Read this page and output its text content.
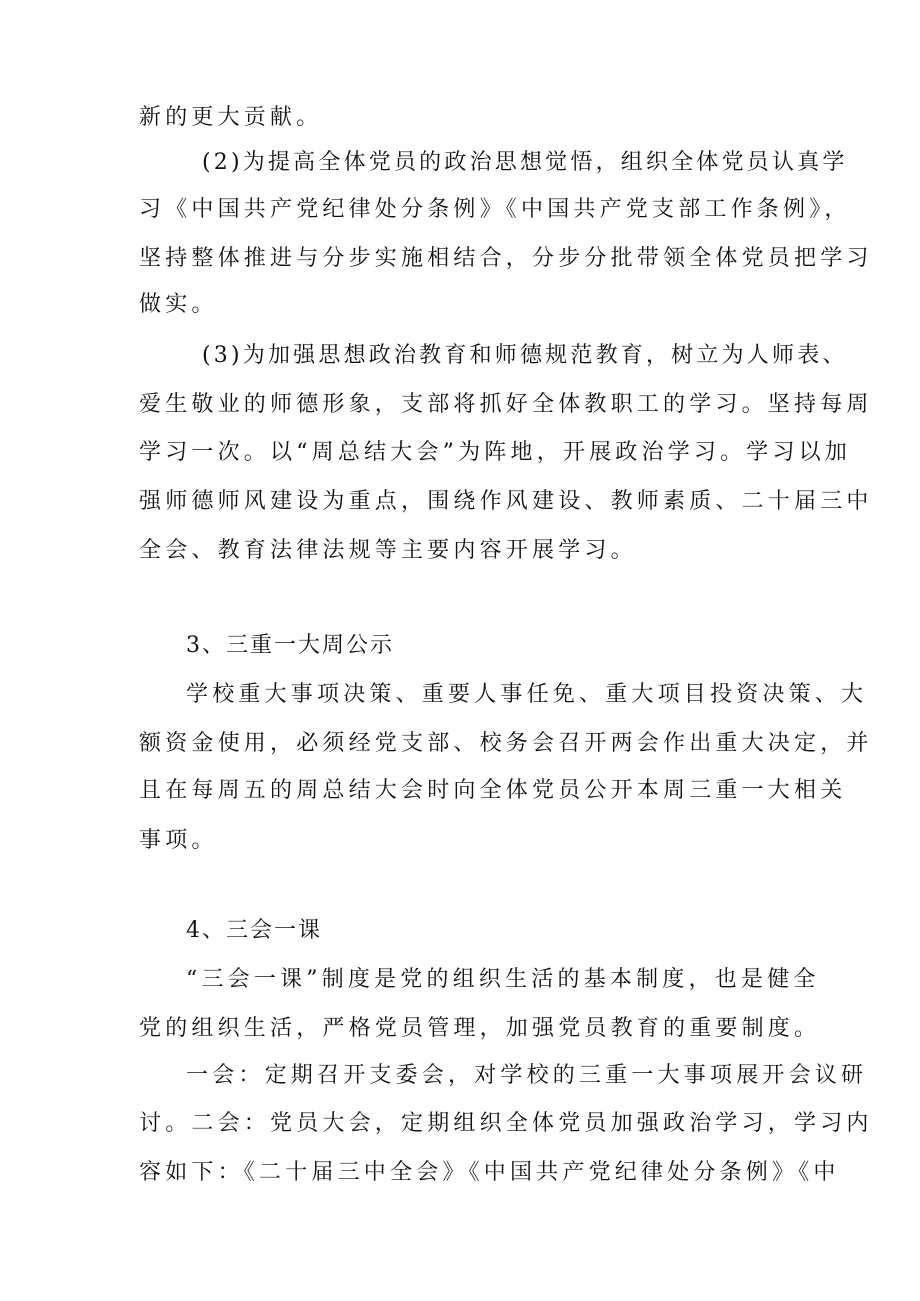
新的更大贡献。
(2)为提高全体党员的政治思想觉悟，组织全体党员认真学
习《中国共产党纪律处分条例》《中国共产党支部工作条例》，
坚持整体推进与分步实施相结合，分步分批带领全体党员把学习
做实。
(3)为加强思想政治教育和师德规范教育，树立为人师表、
爱生敬业的师德形象，支部将抓好全体教职工的学习。坚持每周
学习一次。以“周总结大会”为阵地，开展政治学习。学习以加
强师德师风建设为重点，围绕作风建设、教师素质、二十届三中
全会、教育法律法规等主要内容开展学习。
3、三重一大周公示
学校重大事项决策、重要人事任免、重大项目投资决策、大
额资金使用，必须经党支部、校务会召开两会作出重大决定，并
且在每周五的周总结大会时向全体党员公开本周三重一大相关
事项。
4、三会一课
“三会一课”制度是党的组织生活的基本制度，也是健全
党的组织生活，严格党员管理，加强党员教育的重要制度。
一会：定期召开支委会，对学校的三重一大事项展开会议研
讨。二会：党员大会，定期组织全体党员加强政治学习，学习内
容如下：《二十届三中全会》《中国共产党纪律处分条例》《中
